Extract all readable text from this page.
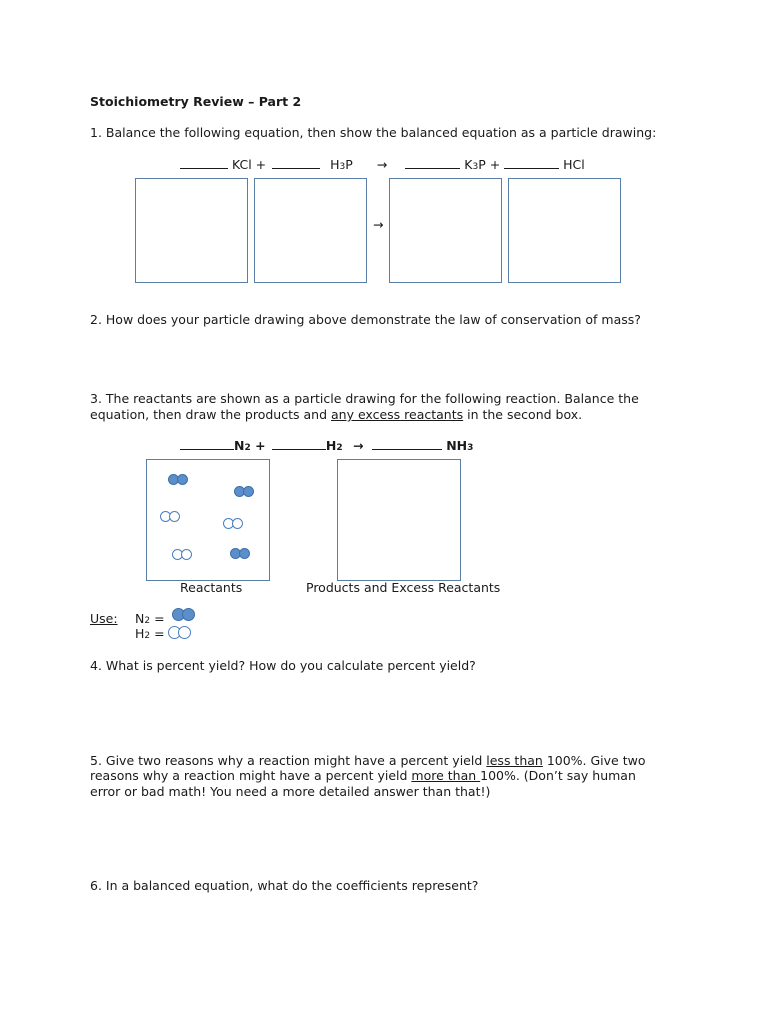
Stoichiometry Review – Part 2
1. Balance the following equation, then show the balanced equation as a particle drawing:
KCl +	H3P →	K3P +	HCl
→
2. How does your particle drawing above demonstrate the law of conservation of mass?
3. The reactants are shown as a particle drawing for the following reaction. Balance the
equation, then draw the products and any excess reactants in the second box.
N2 +	H2 →	NH3
Reactants	Products and Excess Reactants
Use: N2 =
H2 =
4. What is percent yield? How do you calculate percent yield?
5. Give two reasons why a reaction might have a percent yield less than 100%. Give two
reasons why a reaction might have a percent yield more than 100%. (Don’t say human
error or bad math! You need a more detailed answer than that!)
6. In a balanced equation, what do the coefficients represent?
